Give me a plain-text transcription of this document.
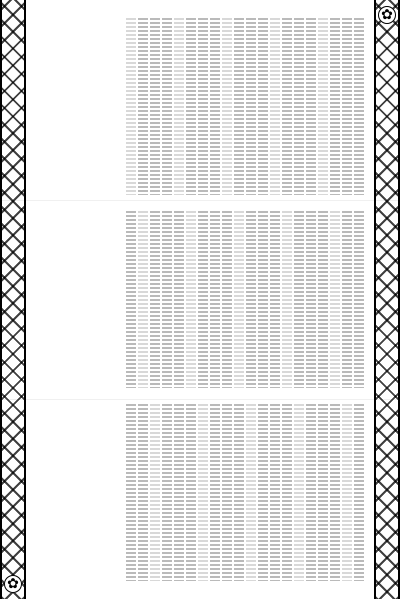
✿
✿
